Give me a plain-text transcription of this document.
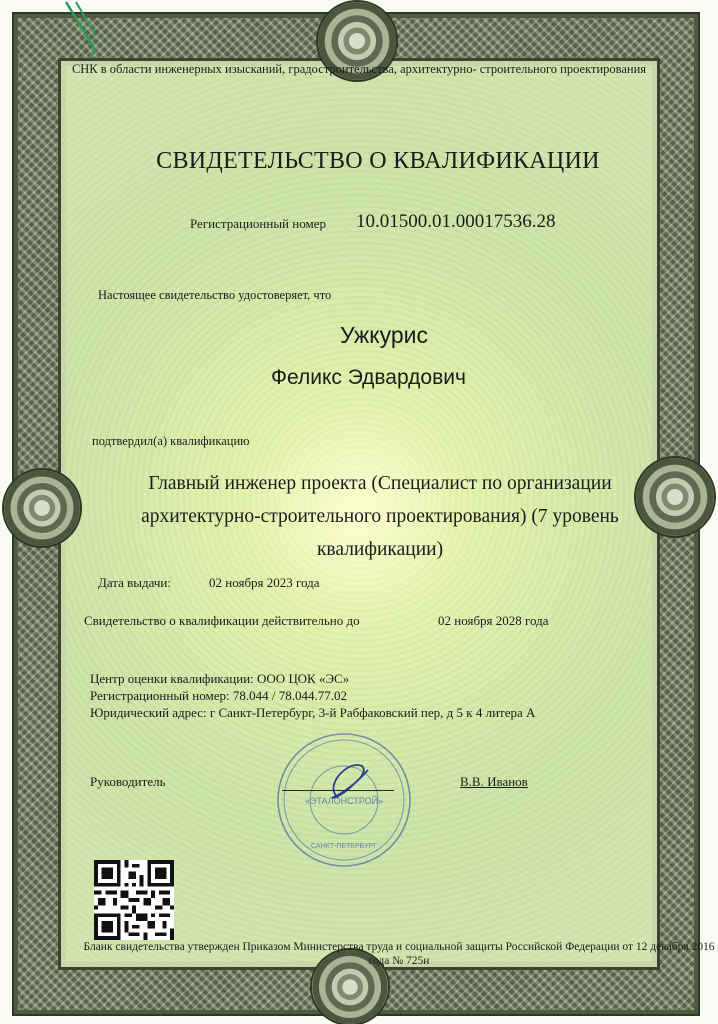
СНК в области инженерных изысканий, градостроительства, архитектурно- строительного проектирования
СВИДЕТЕЛЬСТВО О КВАЛИФИКАЦИИ
Регистрационный номер 10.01500.01.00017536.28
Настоящее свидетельство удостоверяет, что
Ужкурис
Феликс Эдвардович
подтвердил(а) квалификацию
Главный инженер проекта (Специалист по организации архитектурно-строительного проектирования) (7 уровень квалификации)
Дата выдачи:	02 ноября 2023 года
Свидетельство о квалификации действительно до	02 ноября 2028 года
Центр оценки квалификации: ООО ЦОК «ЭС»
Регистрационный номер: 78.044 / 78.044.77.02
Юридический адрес: г Санкт-Петербург, 3-й Рабфаковский пер, д 5 к 4 литера А
«ЭТАЛОНСТРОЙ»
САНКТ-ПЕТЕРБУРГ
Руководитель	В.В. Иванов
Бланк свидетельства утвержден Приказом Министерства труда и социальной защиты Российской Федерации от 12 декабря 2016 года № 725н
